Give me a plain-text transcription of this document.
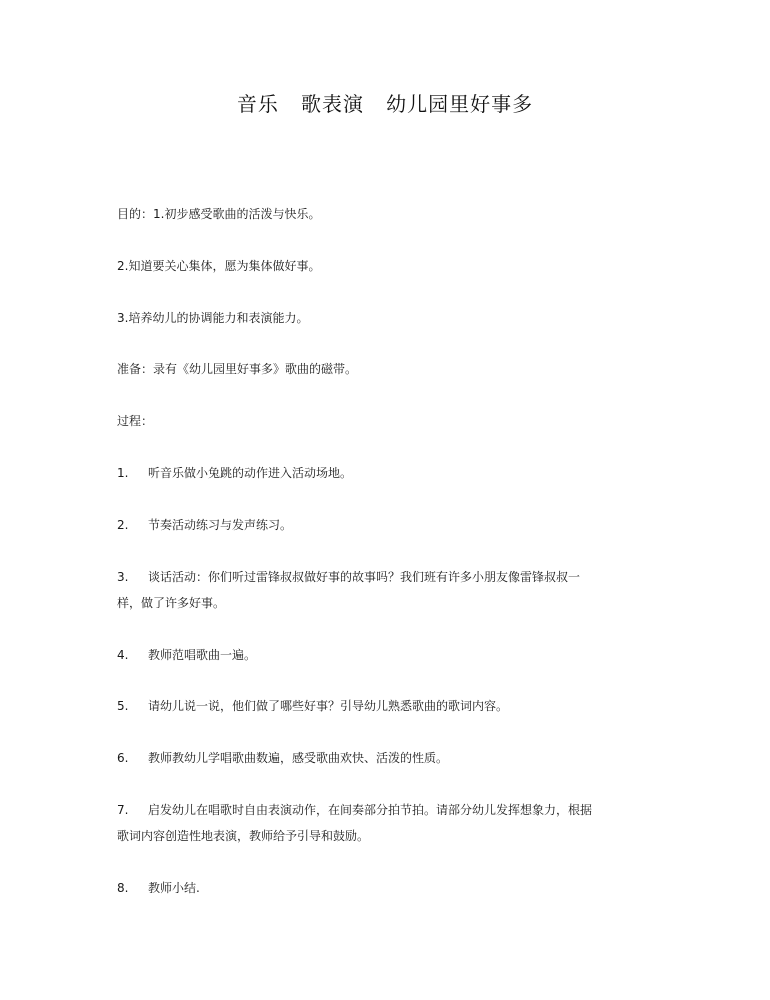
音乐   歌表演   幼儿园里好事多
目的：1.初步感受歌曲的活泼与快乐。
2.知道要关心集体，愿为集体做好事。
3.培养幼儿的协调能力和表演能力。
准备：录有《幼儿园里好事多》歌曲的磁带。
过程：
1. 听音乐做小兔跳的动作进入活动场地。
2. 节奏活动练习与发声练习。
3. 谈话活动：你们听过雷锋叔叔做好事的故事吗？我们班有许多小朋友像雷锋叔叔一
样，做了许多好事。
4. 教师范唱歌曲一遍。
5. 请幼儿说一说，他们做了哪些好事？引导幼儿熟悉歌曲的歌词内容。
6. 教师教幼儿学唱歌曲数遍，感受歌曲欢快、活泼的性质。
7. 启发幼儿在唱歌时自由表演动作，在间奏部分拍节拍。请部分幼儿发挥想象力，根据
歌词内容创造性地表演，教师给予引导和鼓励。
8. 教师小结.
